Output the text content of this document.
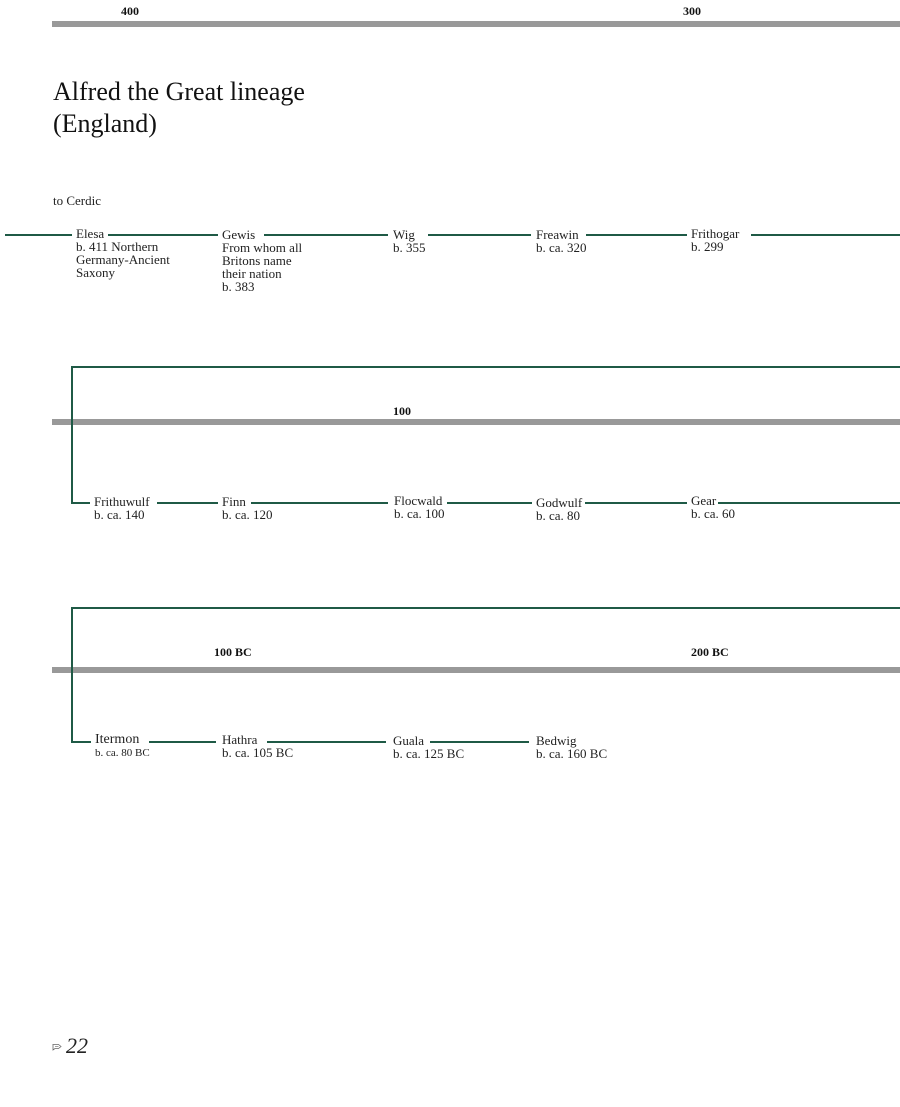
400	300
100
100 BC	200 BC
Alfred the Great lineage (England)
to Cerdic
Elesa
b. 411 Northern
Germany-Ancient
Saxony
Gewis
From whom all
Britons name
their nation
b. 383
Wig
b. 355
Freawin
b. ca. 320
Frithogar
b. 299
Frithuwulf
b. ca. 140
Finn
b. ca. 120
Flocwald
b. ca. 100
Godwulf
b. ca. 80
Gear
b. ca. 60
Itermon
b. ca. 80 BC
Hathra
b. ca. 105 BC
Guala
b. ca. 125 BC
Bedwig
b. ca. 160 BC
22
